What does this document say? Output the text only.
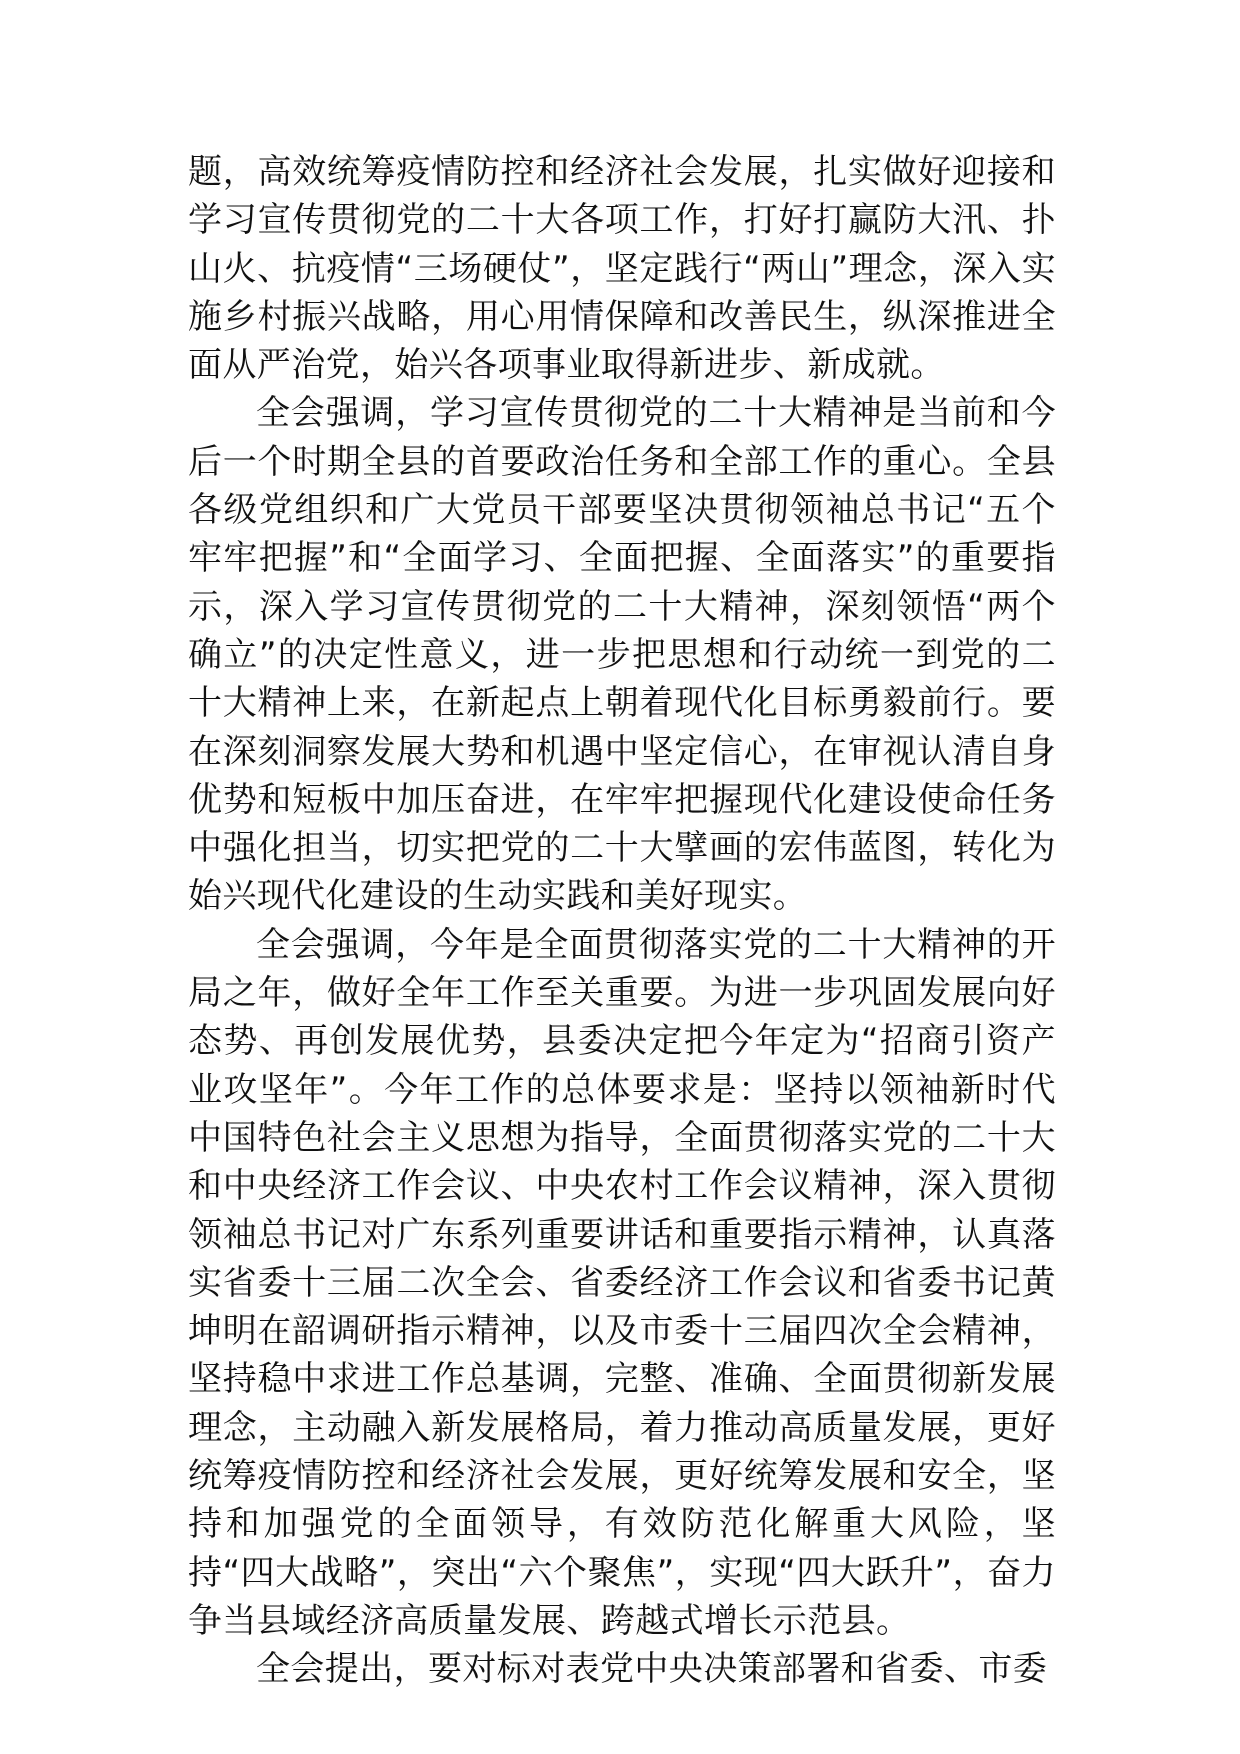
题，高效统筹疫情防控和经济社会发展，扎实做好迎接和学习宣传贯彻党的二十大各项工作，打好打赢防大汛、扑山火、抗疫情“三场硬仗”，坚定践行“两山”理念，深入实施乡村振兴战略，用心用情保障和改善民生，纵深推进全面从严治党，始兴各项事业取得新进步、新成就。

全会强调，学习宣传贯彻党的二十大精神是当前和今后一个时期全县的首要政治任务和全部工作的重心。全县各级党组织和广大党员干部要坚决贯彻领袖总书记“五个牢牢把握”和“全面学习、全面把握、全面落实”的重要指示，深入学习宣传贯彻党的二十大精神，深刻领悟“两个确立”的决定性意义，进一步把思想和行动统一到党的二十大精神上来，在新起点上朝着现代化目标勇毅前行。要在深刻洞察发展大势和机遇中坚定信心，在审视认清自身优势和短板中加压奋进，在牢牢把握现代化建设使命任务中强化担当，切实把党的二十大擘画的宏伟蓝图，转化为始兴现代化建设的生动实践和美好现实。

全会强调，今年是全面贯彻落实党的二十大精神的开局之年，做好全年工作至关重要。为进一步巩固发展向好态势、再创发展优势，县委决定把今年定为“招商引资产业攻坚年”。今年工作的总体要求是：坚持以领袖新时代中国特色社会主义思想为指导，全面贯彻落实党的二十大和中央经济工作会议、中央农村工作会议精神，深入贯彻领袖总书记对广东系列重要讲话和重要指示精神，认真落实省委十三届二次全会、省委经济工作会议和省委书记黄坤明在韶调研指示精神，以及市委十三届四次全会精神，坚持稳中求进工作总基调，完整、准确、全面贯彻新发展理念，主动融入新发展格局，着力推动高质量发展，更好统筹疫情防控和经济社会发展，更好统筹发展和安全，坚持和加强党的全面领导，有效防范化解重大风险，坚持“四大战略”，突出“六个聚焦”，实现“四大跃升”，奋力争当县域经济高质量发展、跨越式增长示范县。

全会提出，要对标对表党中央决策部署和省委、市委
